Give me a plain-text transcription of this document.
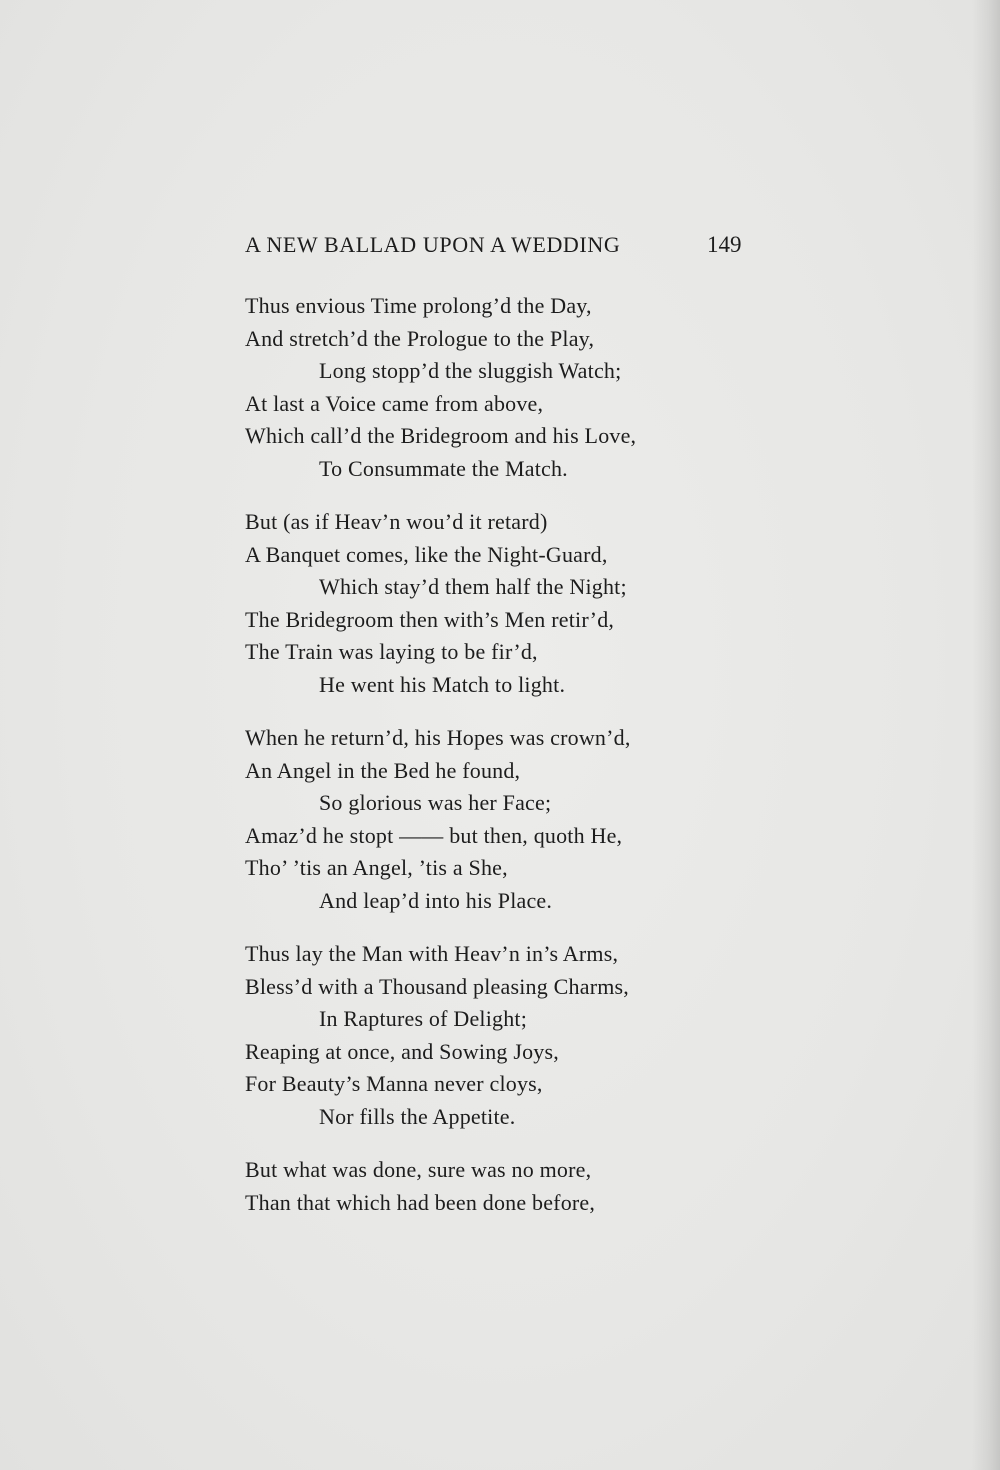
A NEW BALLAD UPON A WEDDING	149
Thus envious Time prolong’d the Day,
And stretch’d the Prologue to the Play,
Long stopp’d the sluggish Watch;
At last a Voice came from above,
Which call’d the Bridegroom and his Love,
To Consummate the Match.
But (as if Heav’n wou’d it retard)
A Banquet comes, like the Night-Guard,
Which stay’d them half the Night;
The Bridegroom then with’s Men retir’d,
The Train was laying to be fir’d,
He went his Match to light.
When he return’d, his Hopes was crown’d,
An Angel in the Bed he found,
So glorious was her Face;
Amaz’d he stopt —— but then, quoth He,
Tho’ ’tis an Angel, ’tis a She,
And leap’d into his Place.
Thus lay the Man with Heav’n in’s Arms,
Bless’d with a Thousand pleasing Charms,
In Raptures of Delight;
Reaping at once, and Sowing Joys,
For Beauty’s Manna never cloys,
Nor fills the Appetite.
But what was done, sure was no more,
Than that which had been done before,
